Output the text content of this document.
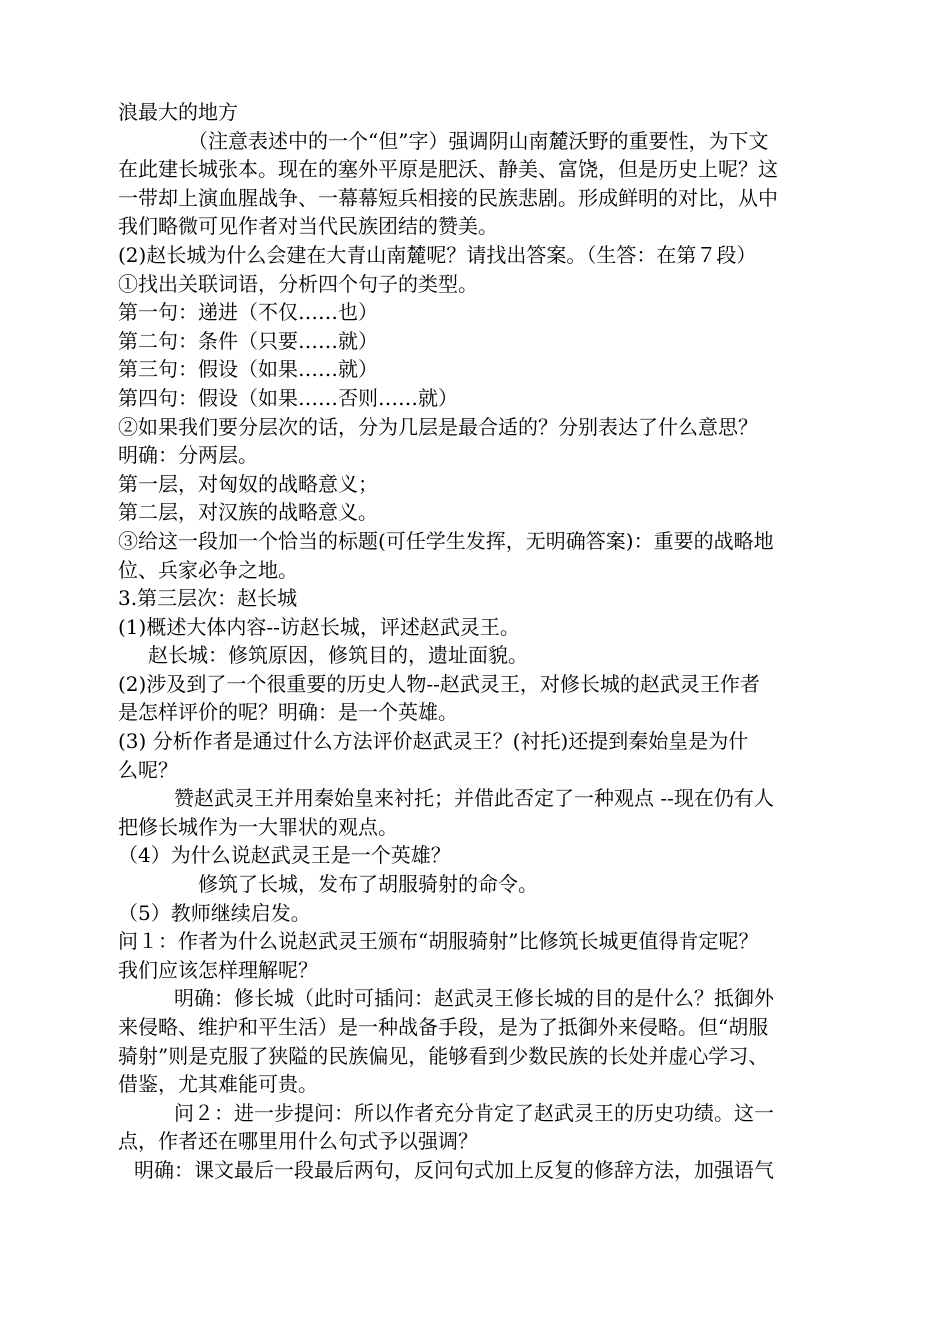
浪最大的地方
（注意表述中的一个“但”字）强调阴山南麓沃野的重要性，为下文
在此建长城张本。现在的塞外平原是肥沃、静美、富饶，但是历史上呢？这
一带却上演血腥战争、一幕幕短兵相接的民族悲剧。形成鲜明的对比，从中
我们略微可见作者对当代民族团结的赞美。
(2)赵长城为什么会建在大青山南麓呢？请找出答案。（生答：在第７段）
①找出关联词语，分析四个句子的类型。
第一句：递进（不仅……也）
第二句：条件（只要……就）
第三句：假设（如果……就）
第四句：假设（如果……否则……就）
②如果我们要分层次的话，分为几层是最合适的？分别表达了什么意思？
明确：分两层。
第一层，对匈奴的战略意义；
第二层，对汉族的战略意义。
③给这一段加一个恰当的标题(可任学生发挥，无明确答案)：重要的战略地
位、兵家必争之地。
3.第三层次：赵长城
(1)概述大体内容--访赵长城，评述赵武灵王。
赵长城：修筑原因，修筑目的，遗址面貌。
(2)涉及到了一个很重要的历史人物--赵武灵王，对修长城的赵武灵王作者
是怎样评价的呢？明确：是一个英雄。
(3) 分析作者是通过什么方法评价赵武灵王？(衬托)还提到秦始皇是为什
么呢？
赞赵武灵王并用秦始皇来衬托；并借此否定了一种观点 --现在仍有人
把修长城作为一大罪状的观点。
（4）为什么说赵武灵王是一个英雄？
修筑了长城，发布了胡服骑射的命令。
（5）教师继续启发。
问１：作者为什么说赵武灵王颁布“胡服骑射”比修筑长城更值得肯定呢？
我们应该怎样理解呢？
明确：修长城（此时可插问：赵武灵王修长城的目的是什么？抵御外
来侵略、维护和平生活）是一种战备手段，是为了抵御外来侵略。但“胡服
骑射”则是克服了狭隘的民族偏见，能够看到少数民族的长处并虚心学习、
借鉴，尤其难能可贵。
问２：进一步提问：所以作者充分肯定了赵武灵王的历史功绩。这一
点，作者还在哪里用什么句式予以强调？
明确：课文最后一段最后两句，反问句式加上反复的修辞方法，加强语气
